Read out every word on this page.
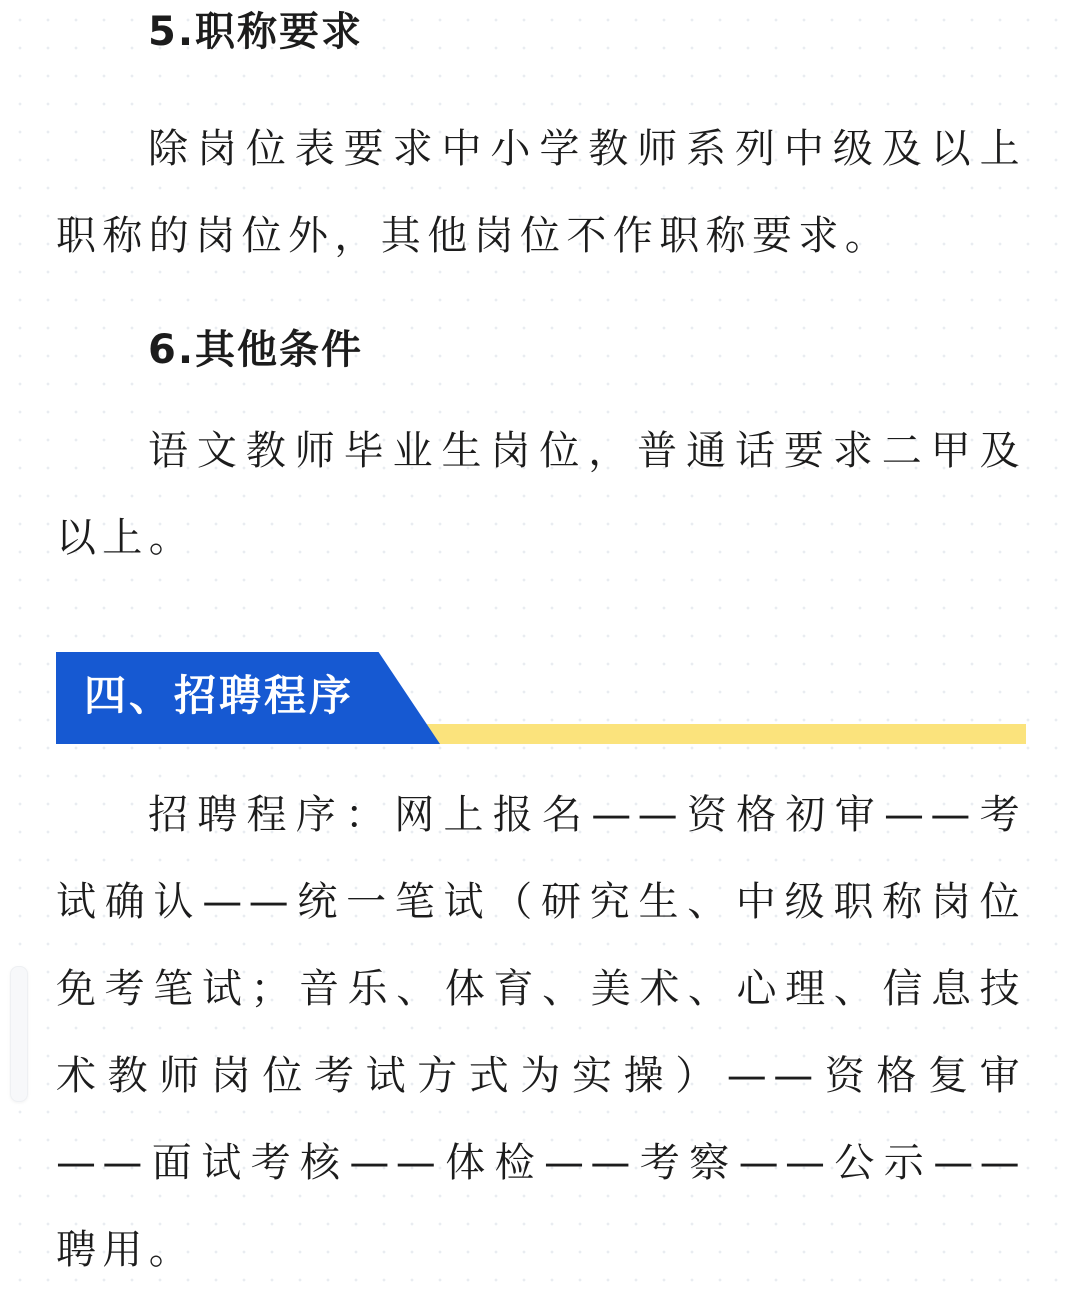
5.职称要求

除岗位表要求中小学教师系列中级及以上职称的岗位外，其他岗位不作职称要求。

6.其他条件

语文教师毕业生岗位，普通话要求二甲及以上。

四、招聘程序

招聘程序：网上报名——资格初审——考试确认——统一笔试（研究生、中级职称岗位免考笔试；音乐、体育、美术、心理、信息技术教师岗位考试方式为实操）——资格复审——面试考核——体检——考察——公示——聘用。
